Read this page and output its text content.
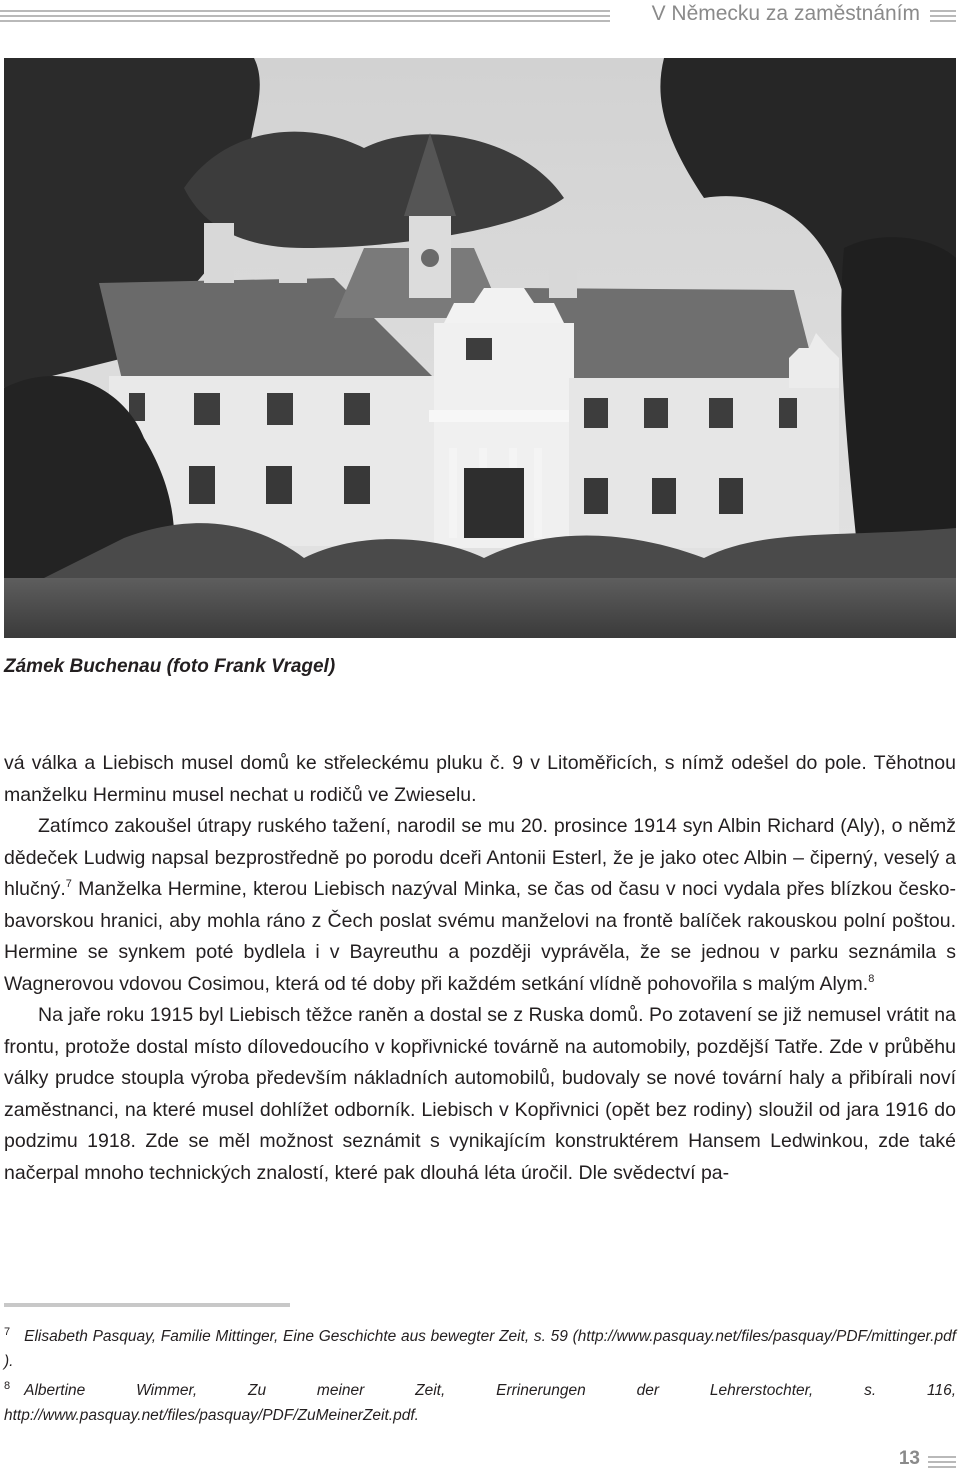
V Německu za zaměstnáním
Zámek Buchenau (foto Frank Vragel)

vá válka a Liebisch musel domů ke střeleckému pluku č. 9 v Litoměřicích, s nímž odešel do pole. Těhotnou manželku Herminu musel nechat u rodičů ve Zwieselu.

Zatímco zakoušel útrapy ruského tažení, narodil se mu 20. prosince 1914 syn Albin Richard (Aly), o němž dědeček Ludwig napsal bezprostředně po porodu dceři Antonii Esterl, že je jako otec Albin – čiperný, veselý a hlučný.$^7$ Manželka Hermine, kterou Liebisch nazýval Minka, se čas od času v noci vydala přes blízkou česko-bavorskou hranici, aby mohla ráno z Čech poslat svému manželovi na frontě balíček rakouskou polní poštou. Hermine se synkem poté bydlela i v Bayreuthu a později vyprávěla, že se jednou v parku seznámila s Wagnerovou vdovou Cosimou, která od té doby při každém setkání vlídně pohovořila s malým Alym.$^8$

Na jaře roku 1915 byl Liebisch těžce raněn a dostal se z Ruska domů. Po zotavení se již nemusel vrátit na frontu, protože dostal místo dílovedoucího v kopřivnické továrně na automobily, pozdější Tatře. Zde v průběhu války prudce stoupla výroba především nákladních automobilů, budovaly se nové tovární haly a přibírali noví zaměstnanci, na které musel dohlížet odborník. Liebisch v Kopřivnici (opět bez rodiny) sloužil od jara 1916 do podzimu 1918. Zde se měl možnost seznámit s vynikajícím konstruktérem Hansem Ledwinkou, zde také načerpal mnoho technických znalostí, které pak dlouhá léta úročil. Dle svědectví pa-

$^7$ Elisabeth Pasquay, Familie Mittinger, Eine Geschichte aus bewegter Zeit, s. 59 (http://www.pasquay.net/files/pasquay/PDF/mittinger.pdf ).

$^8$ Albertine Wimmer, Zu meiner Zeit, Errinerungen der Lehrerstochter, s. 116, http://www.pasquay.net/files/pasquay/PDF/ZuMeinerZeit.pdf.

13
